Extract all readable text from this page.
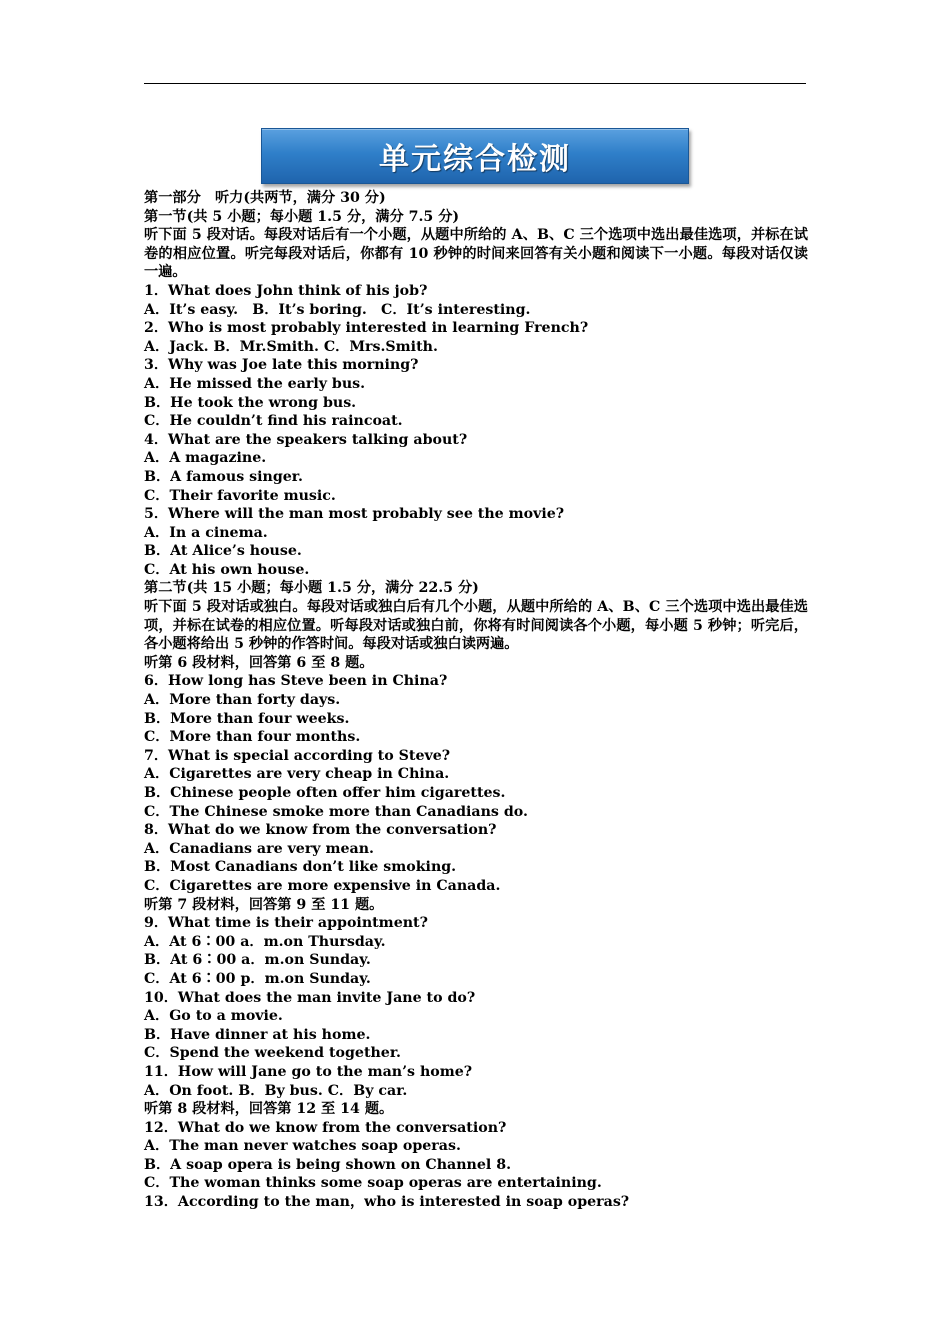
单元综合检测
第一部分　听力(共两节，满分 30 分)
第一节(共 5 小题；每小题 1.5 分，满分 7.5 分)
听下面 5 段对话。每段对话后有一个小题，从题中所给的 A、B、C 三个选项中选出最佳选项，并标在试卷的相应位置。听完每段对话后，你都有 10 秒钟的时间来回答有关小题和阅读下一小题。每段对话仅读一遍。
1．What does John think of his job?
A．It’s easy.　B．It’s boring.　C．It’s interesting.
2．Who is most probably interested in learning French?
A．Jack. B．Mr.Smith. C．Mrs.Smith.
3．Why was Joe late this morning?
A．He missed the early bus.
B．He took the wrong bus.
C．He couldn’t find his raincoat.
4．What are the speakers talking about?
A．A magazine.
B．A famous singer.
C．Their favorite music.
5．Where will the man most probably see the movie?
A．In a cinema.
B．At Alice’s house.
C．At his own house.
第二节(共 15 小题；每小题 1.5 分，满分 22.5 分)
听下面 5 段对话或独白。每段对话或独白后有几个小题，从题中所给的 A、B、C 三个选项中选出最佳选项，并标在试卷的相应位置。听每段对话或独白前，你将有时间阅读各个小题，每小题 5 秒钟；听完后，各小题将给出 5 秒钟的作答时间。每段对话或独白读两遍。
听第 6 段材料，回答第 6 至 8 题。
6．How long has Steve been in China?
A．More than forty days.
B．More than four weeks.
C．More than four months.
7．What is special according to Steve?
A．Cigarettes are very cheap in China.
B．Chinese people often offer him cigarettes.
C．The Chinese smoke more than Canadians do.
8．What do we know from the conversation?
A．Canadians are very mean.
B．Most Canadians don’t like smoking.
C．Cigarettes are more expensive in Canada.
听第 7 段材料，回答第 9 至 11 题。
9．What time is their appointment?
A．At 6∶00 a．m.on Thursday.
B．At 6∶00 a．m.on Sunday.
C．At 6∶00 p．m.on Sunday.
10．What does the man invite Jane to do?
A．Go to a movie.
B．Have dinner at his home.
C．Spend the weekend together.
11．How will Jane go to the man’s home?
A．On foot. B．By bus. C．By car.
听第 8 段材料，回答第 12 至 14 题。
12．What do we know from the conversation?
A．The man never watches soap operas.
B．A soap opera is being shown on Channel 8.
C．The woman thinks some soap operas are entertaining.
13．According to the man，who is interested in soap operas?
